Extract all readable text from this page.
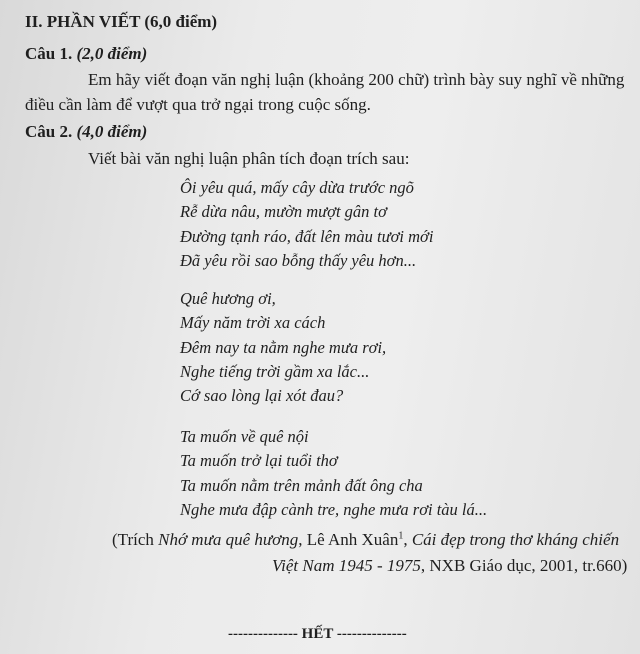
II. PHẦN VIẾT (6,0 điểm)
Câu 1. (2,0 điểm)
Em hãy viết đoạn văn nghị luận (khoảng 200 chữ) trình bày suy nghĩ về những
điều cần làm để vượt qua trở ngại trong cuộc sống.
Câu 2. (4,0 điểm)
Viết bài văn nghị luận phân tích đoạn trích sau:
Ôi yêu quá, mấy cây dừa trước ngõ
Rễ dừa nâu, mườn mượt gân tơ
Đường tạnh ráo, đất lên màu tươi mới
Đã yêu rồi sao bỗng thấy yêu hơn...
Quê hương ơi,
Mấy năm trời xa cách
Đêm nay ta nằm nghe mưa rơi,
Nghe tiếng trời gầm xa lắc...
Cớ sao lòng lại xót đau?
Ta muốn về quê nội
Ta muốn trở lại tuổi thơ
Ta muốn nằm trên mảnh đất ông cha
Nghe mưa đập cành tre, nghe mưa rơi tàu lá...
(Trích Nhớ mưa quê hương, Lê Anh Xuân$^1$, Cái đẹp trong thơ kháng chiến
Việt Nam 1945 - 1975, NXB Giáo dục, 2001, tr.660)
-------------- HẾT --------------
